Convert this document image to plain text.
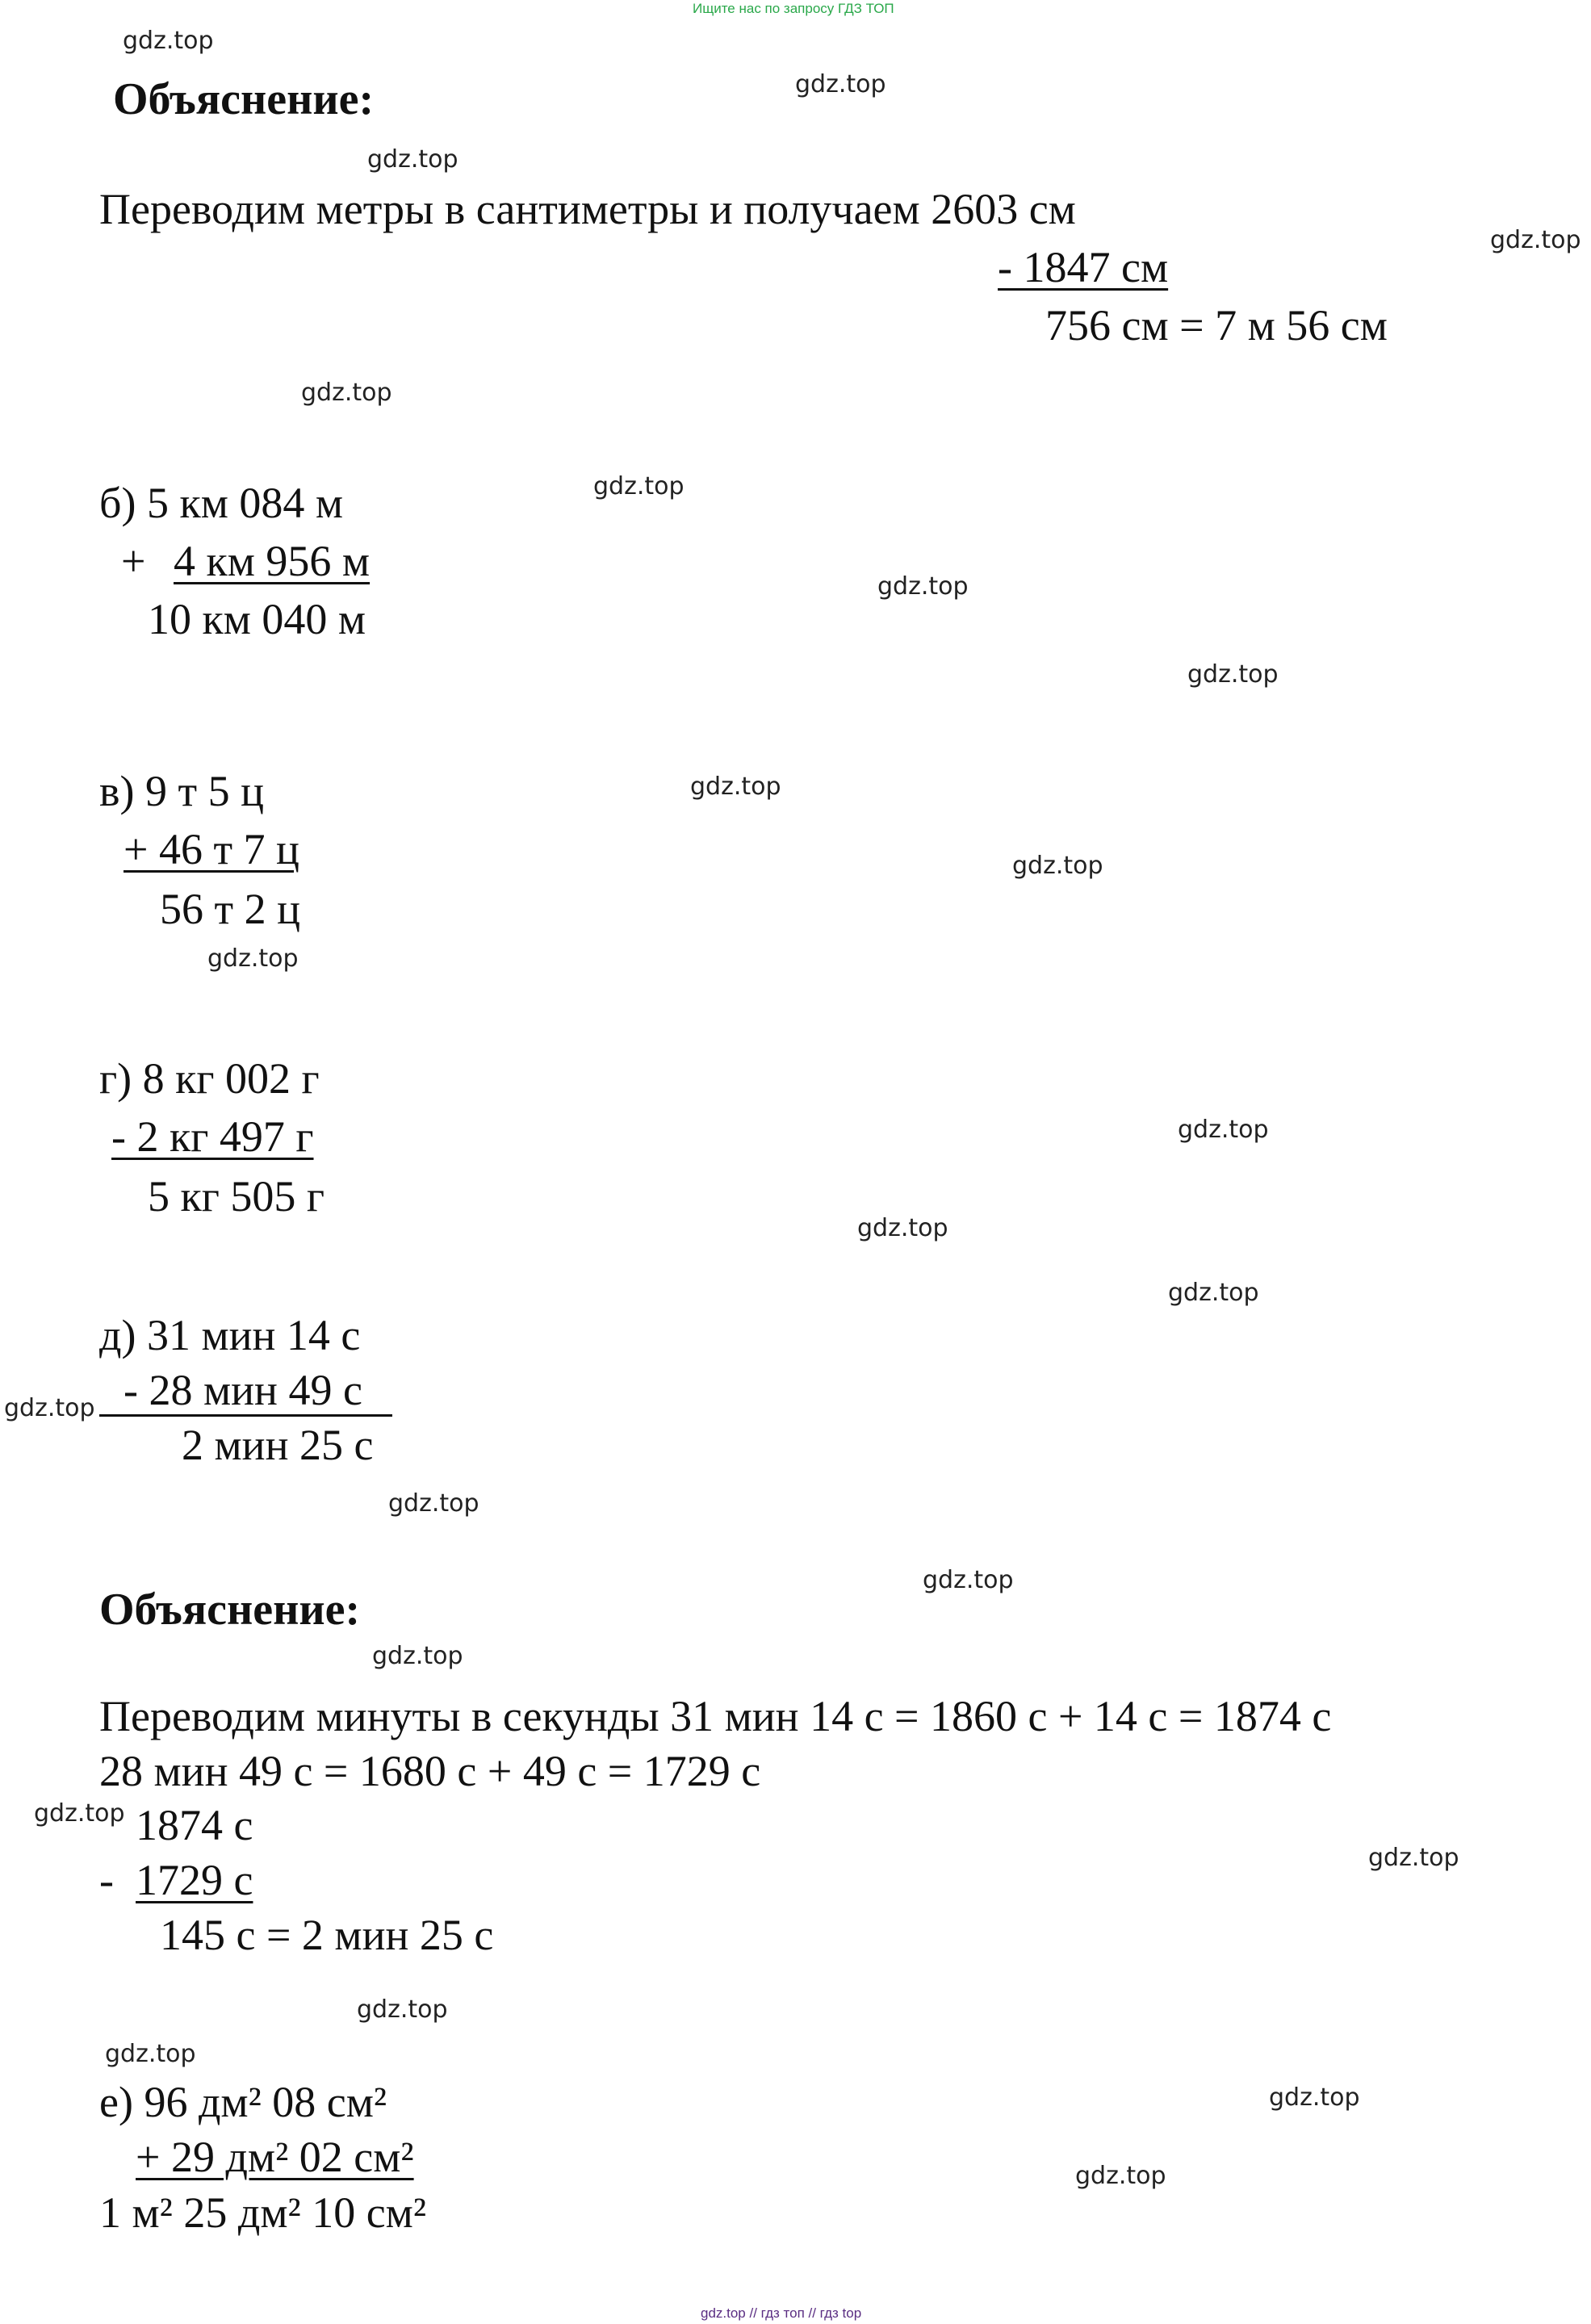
Ищите нас по запросу ГДЗ ТОП
gdz.top
gdz.top
gdz.top
gdz.top
gdz.top
gdz.top
gdz.top
gdz.top
gdz.top
gdz.top
gdz.top
gdz.top
gdz.top
gdz.top
gdz.top
gdz.top
gdz.top
gdz.top
gdz.top
gdz.top
gdz.top
gdz.top
gdz.top
gdz.top
Объяснение:
Переводим метры в сантиметры и получаем 2603 см
- 1847 см
756 см = 7 м 56 см
б) 5 км 084 м
+ 4 км 956 м
10 км 040 м
в) 9 т 5 ц
+ 46 т 7 ц
56 т 2 ц
г) 8 кг 002 г
- 2 кг 497 г
5 кг 505 г
д) 31 мин 14 с
- 28 мин 49 с
2 мин 25 с
Объяснение:
Переводим минуты в секунды 31 мин 14 с = 1860 с + 14 с = 1874 с
28 мин 49 с = 1680 с + 49 с = 1729 с
1874 с
- 1729 с
145 с = 2 мин 25 с
е) 96 дм² 08 см²
+ 29 дм² 02 см²
1 м² 25 дм² 10 см²
gdz.top // гдз топ // гдз top
